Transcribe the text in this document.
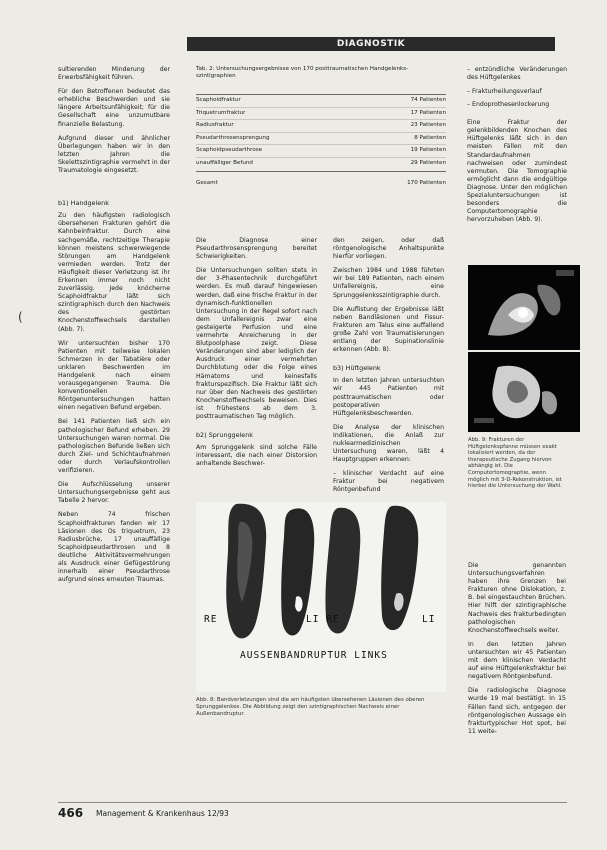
DIAGNOSTIK

sultierenden Minderung der Erwerbsfähigkeit führen.

Für den Betroffenen bedeutet das erhebliche Beschwerden und sie längere Arbeitsunfähigkeit; für die Gesellschaft eine unzumutbare finanzielle Belastung.

Aufgrund dieser und ähnlicher Überlegungen haben wir in den letzten Jahren die Skelettszintigraphie vermehrt in der Traumatologie eingesetzt.

b1) Handgelenk

Zu den häufigsten radiologisch übersehenen Frakturen gehört die Kahnbeinfraktur. Durch eine sachgemäße, rechtzeitige Therapie können meistens schwerwiegende Störungen am Handgelenk vermieden werden. Trotz der Häufigkeit dieser Verletzung ist ihr Erkennen immer noch nicht zuverlässig. Jede knöcherne Scaphoidfraktur läßt sich szintigraphisch durch den Nachweis des gestörten Knochenstoffwechsels darstellen (Abb. 7).

Wir untersuchten bisher 170 Patienten mit teilweise lokalen Schmerzen in der Tabatière oder unklaren Beschwerden im Handgelenk nach einem vorausgegangenen Trauma. Die konventionellen Röntgenuntersuchungen hatten einen negativen Befund ergeben.

Bei 141 Patienten ließ sich ein pathologischer Befund erheben. 29 Untersuchungen waren normal. Die pathologischen Befunde ließen sich durch Ziel- und Schichtaufnahmen oder durch Verlaufskontrollen verifizieren.

Die Aufschlüsselung unserer Untersuchungsergebnisse geht aus Tabelle 2 hervor.

Neben 74 frischen Scaphoidfrakturen fanden wir 17 Läsionen des Os triquetrum, 23 Radiusbrüche, 17 unauffällige Scaphoidpseudarthrosen und 8 deutliche Aktivitätsvermehrungen als Ausdruck einer Gefügestörung innerhalb einer Pseudarthrose aufgrund eines erneuten Traumas.

Tab. 2: Untersuchungsergebnisse von 170 posttraumatischen Handgelenks-szintigraphien
Scaphoidfraktur	74 Patienten
Triquetrumfraktur	17 Patienten
Radiusfraktur	23 Patienten
Pseudarthrosensprengung	8 Patienten
Scaphoidpseudarthrose	19 Patienten
unauffälliger Befund	29 Patienten
Gesamt	170 Patienten

Die Diagnose einer Pseudarthrosensprengung bereitet Schwierigkeiten.

Die Untersuchungen sollten stets in der 3-Phasentechnik durchgeführt werden. Es muß darauf hingewiesen werden, daß eine frische Fraktur in der dynamisch-funktionellen Untersuchung in der Regel sofort nach dem Unfallereignis zwar eine gesteigerte Perfusion und eine vermehrte Anreicherung in der Blutpoolphase zeigt. Diese Veränderungen sind aber lediglich der Ausdruck einer vermehrten Durchblutung oder die Folge eines Hämatoms und keinesfalls frakturspezifisch. Die Fraktur läßt sich nur über den Nachweis des gestörten Knochenstoffwechsels beweisen. Dies ist frühestens ab dem 3. posttraumatischen Tag möglich.

b2) Sprunggelenk

Am Sprunggelenk sind solche Fälle interessant, die nach einer Distorsion anhaltende Beschwer-

den zeigen, oder daß röntgenologische Anhaltspunkte hierfür vorliegen.

Zwischen 1984 und 1988 führten wir bei 189 Patienten, nach einem Unfallereignis, eine Sprunggelenksszintigraphie durch.

Die Auflistung der Ergebnisse läßt neben Bandläsionen und Fissur-Frakturen am Talus eine auffallend große Zahl von Traumatisierungen entlang der Supinationslinie erkennen (Abb. 8).

b3) Hüftgelenk

In den letzten Jahren untersuchten wir 445 Patienten mit posttraumatischen oder postoperativen Hüftgelenksbeschwerden.

Die Analyse der klinischen Indikationen, die Anlaß zur nuklearmedizinischen Untersuchung waren, läßt 4 Hauptgruppen erkennen:

– klinischer Verdacht auf eine Fraktur bei negativem Röntgenbefund

– entzündliche Veränderungen des Hüftgelenkes
– Frakturheilungsverlauf
– Endoprothesenlockerung

Eine Fraktur der gelenkbildenden Knochen des Hüftgelenks läßt sich in den meisten Fällen mit den Standardaufnahmen nachweisen oder zumindest vermuten. Die Tomographie ermöglicht dann die endgültige Diagnose. Unter den möglichen Spezialuntersuchungen ist besonders die Computertomographie hervorzuheben (Abb. 9).

Abb. 9: Frakturen der Hüftgelenkspfanne müssen exakt lokalisiert werden, da der therapeutische Zugang hiervon abhängig ist. Die Computertomographie, wenn möglich mit 3-D-Rekonstruktion, ist hierbei die Untersuchung der Wahl.

Die genannten Untersuchungsverfahren haben ihre Grenzen bei Frakturen ohne Dislokation, z. B. bei eingestauchten Brüchen. Hier hilft der szintigraphische Nachweis des frakturbedingten pathologischen Knochenstoffwechsels weiter.

In den letzten Jahren untersuchten wir 45 Patienten mit dem klinischen Verdacht auf eine Hüftgelenksfraktur bei negativem Röntgenbefund.

Die radiologische Diagnose wurde 19 mal bestätigt. In 15 Fällen fand sich, entgegen der röntgenologischen Aussage ein frakturtypischer Hot spot, bei 11 weite-

RE	LI RE	LI
AUSSENBANDRUPTUR LINKS
Abb. 8: Bandverletzungen sind die am häufigsten übersehenen Läsionen des oberen Sprunggelenkes. Die Abbildung zeigt den szintigraphischen Nachweis einer Außenbandruptur.
(
466 Management & Krankenhaus 12/93
